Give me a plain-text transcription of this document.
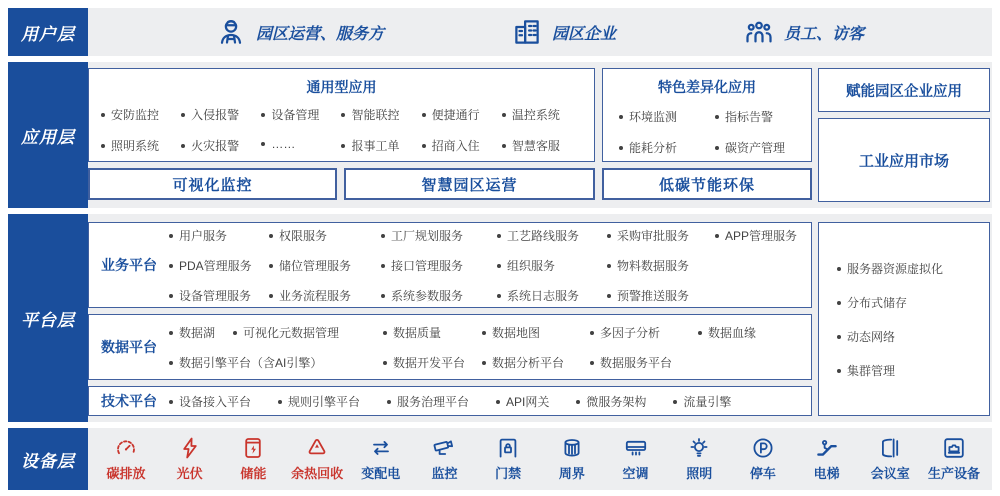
用户层	园区运营、服务方	园区企业	员工、访客
应用层
通用型应用
安防监控	入侵报警	设备管理	智能联控	便捷通行	温控系统
照明系统	火灾报警	……	报事工单	招商入住	智慧客服
特色差异化应用
环境监测	指标告警
能耗分析	碳资产管理
赋能园区企业应用
工业应用市场
可视化监控	智慧园区运营	低碳节能环保
平台层
业务平台
用户服务	权限服务	工厂规划服务	工艺路线服务	采购审批服务	APP管理服务
PDA管理服务	储位管理服务	接口管理服务	组织服务	物料数据服务
设备管理服务	业务流程服务	系统参数服务	系统日志服务	预警推送服务
数据平台
数据湖	可视化元数据管理	数据质量	数据地图	多因子分析	数据血缘
数据引擎平台（含AI引擎）	数据开发平台	数据分析平台	数据服务平台
技术平台	设备接入平台	规则引擎平台	服务治理平台	API网关	微服务架构	流量引擎
服务器资源虚拟化
分布式储存
动态网络
集群管理
设备层
碳排放 光伏	储能 余热回收 变配电 监控	门禁	周界	空调	照明	停车	电梯 会议室 生产设备
